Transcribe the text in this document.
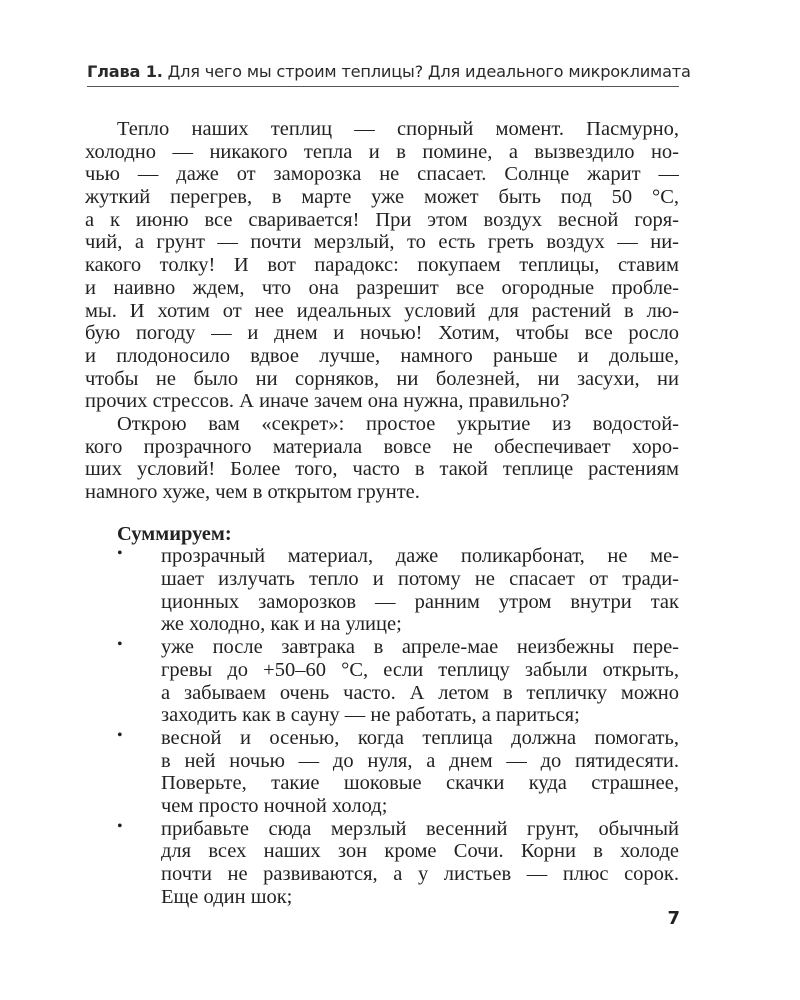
Глава 1. Для чего мы строим теплицы? Для идеального микроклимата
Тепло наших теплиц — спорный момент. Пасмурно,
холодно — никакого тепла и в помине, а вызвездило но-
чью — даже от заморозка не спасает. Солнце жарит —
жуткий перегрев, в марте уже может быть под 50 °С,
а к июню все сваривается! При этом воздух весной горя-
чий, а грунт — почти мерзлый, то есть греть воздух — ни-
какого толку! И вот парадокс: покупаем теплицы, ставим
и наивно ждем, что она разрешит все огородные пробле-
мы. И хотим от нее идеальных условий для растений в лю-
бую погоду — и днем и ночью! Хотим, чтобы все росло
и плодоносило вдвое лучше, намного раньше и дольше,
чтобы не было ни сорняков, ни болезней, ни засухи, ни
прочих стрессов. А иначе зачем она нужна, правильно?
Открою вам «секрет»: простое укрытие из водостой-
кого прозрачного материала вовсе не обеспечивает хоро-
ших условий! Более того, часто в такой теплице растениям
намного хуже, чем в открытом грунте.
Суммируем:
• прозрачный материал, даже поликарбонат, не ме-
шает излучать тепло и потому не спасает от тради-
ционных заморозков — ранним утром внутри так
же холодно, как и на улице;
• уже после завтрака в апреле-мае неизбежны пере-
гревы до +50–60 °С, если теплицу забыли открыть,
а забываем очень часто. А летом в тепличку можно
заходить как в сауну — не работать, а париться;
• весной и осенью, когда теплица должна помогать,
в ней ночью — до нуля, а днем — до пятидесяти.
Поверьте, такие шоковые скачки куда страшнее,
чем просто ночной холод;
• прибавьте сюда мерзлый весенний грунт, обычный
для всех наших зон кроме Сочи. Корни в холоде
почти не развиваются, а у листьев — плюс сорок.
Еще один шок;
7
